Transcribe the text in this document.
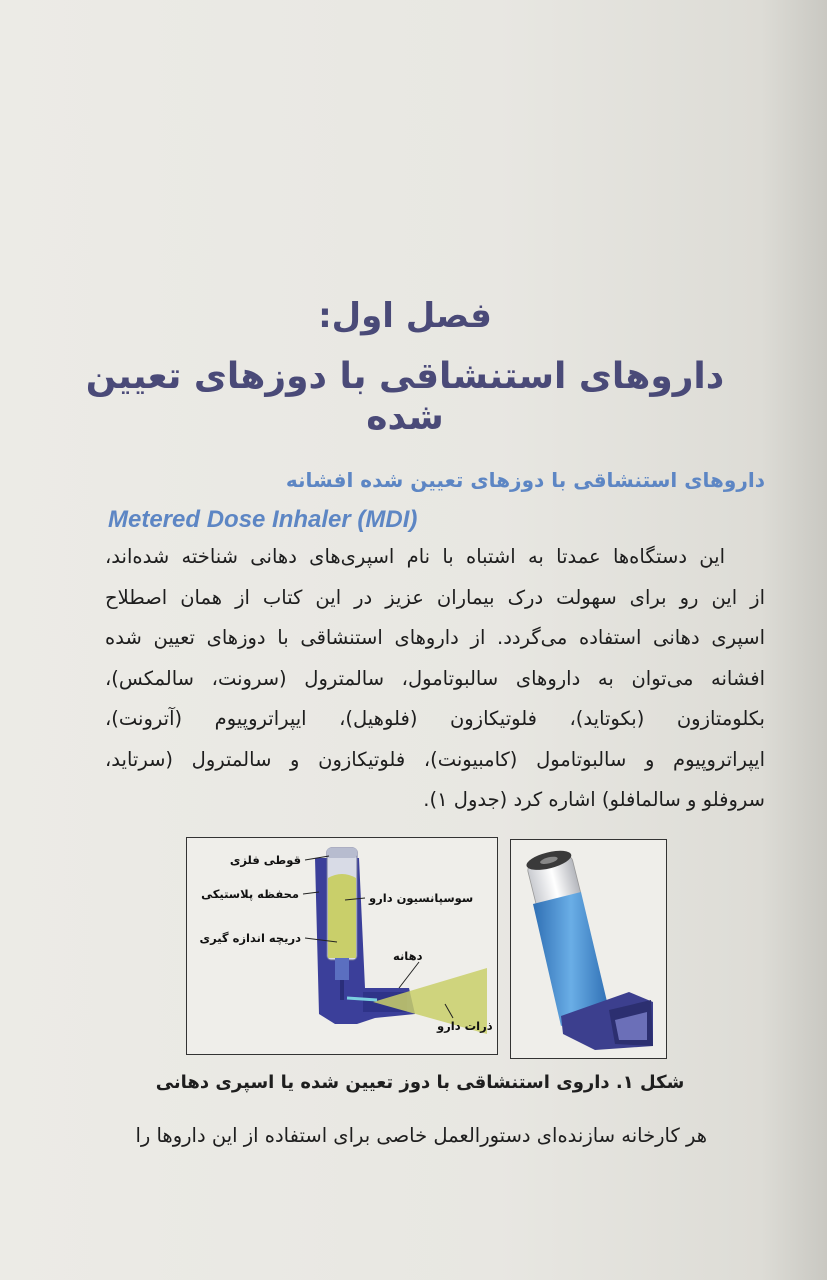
فصل اول:
داروهای استنشاقی با دوزهای تعیین شده
داروهای استنشاقی با دوزهای تعیین شده افشانه
Metered Dose Inhaler (MDI)
این دستگاه‌ها عمدتا به اشتباه با نام اسپری‌های دهانی شناخته شده‌اند،
از این رو برای سهولت درک بیماران عزیز در این کتاب از همان اصطلاح
اسپری دهانی استفاده می‌گردد. از داروهای استنشاقی با دوزهای تعیین شده
افشانه می‌توان به داروهای سالبوتامول، سالمترول (سرونت، سالمکس)،
بکلومتازون (بکوتاید)، فلوتیکازون (فلوهیل)، ایپراتروپیوم (آترونت)،
ایپراتروپیوم و سالبوتامول (کامبیونت)، فلوتیکازون و سالمترول (سرتاید،
سروفلو و سالمافلو) اشاره کرد (جدول ۱).
قوطی فلزی
محفظه پلاستیکی
دریچه اندازه گیری
سوسپانسیون دارو
دهانه
ذرات دارو
شکل ۱. داروی استنشاقی با دوز تعیین شده یا اسپری دهانی
هر کارخانه سازنده‌ای دستورالعمل خاصی برای استفاده از این داروها را
